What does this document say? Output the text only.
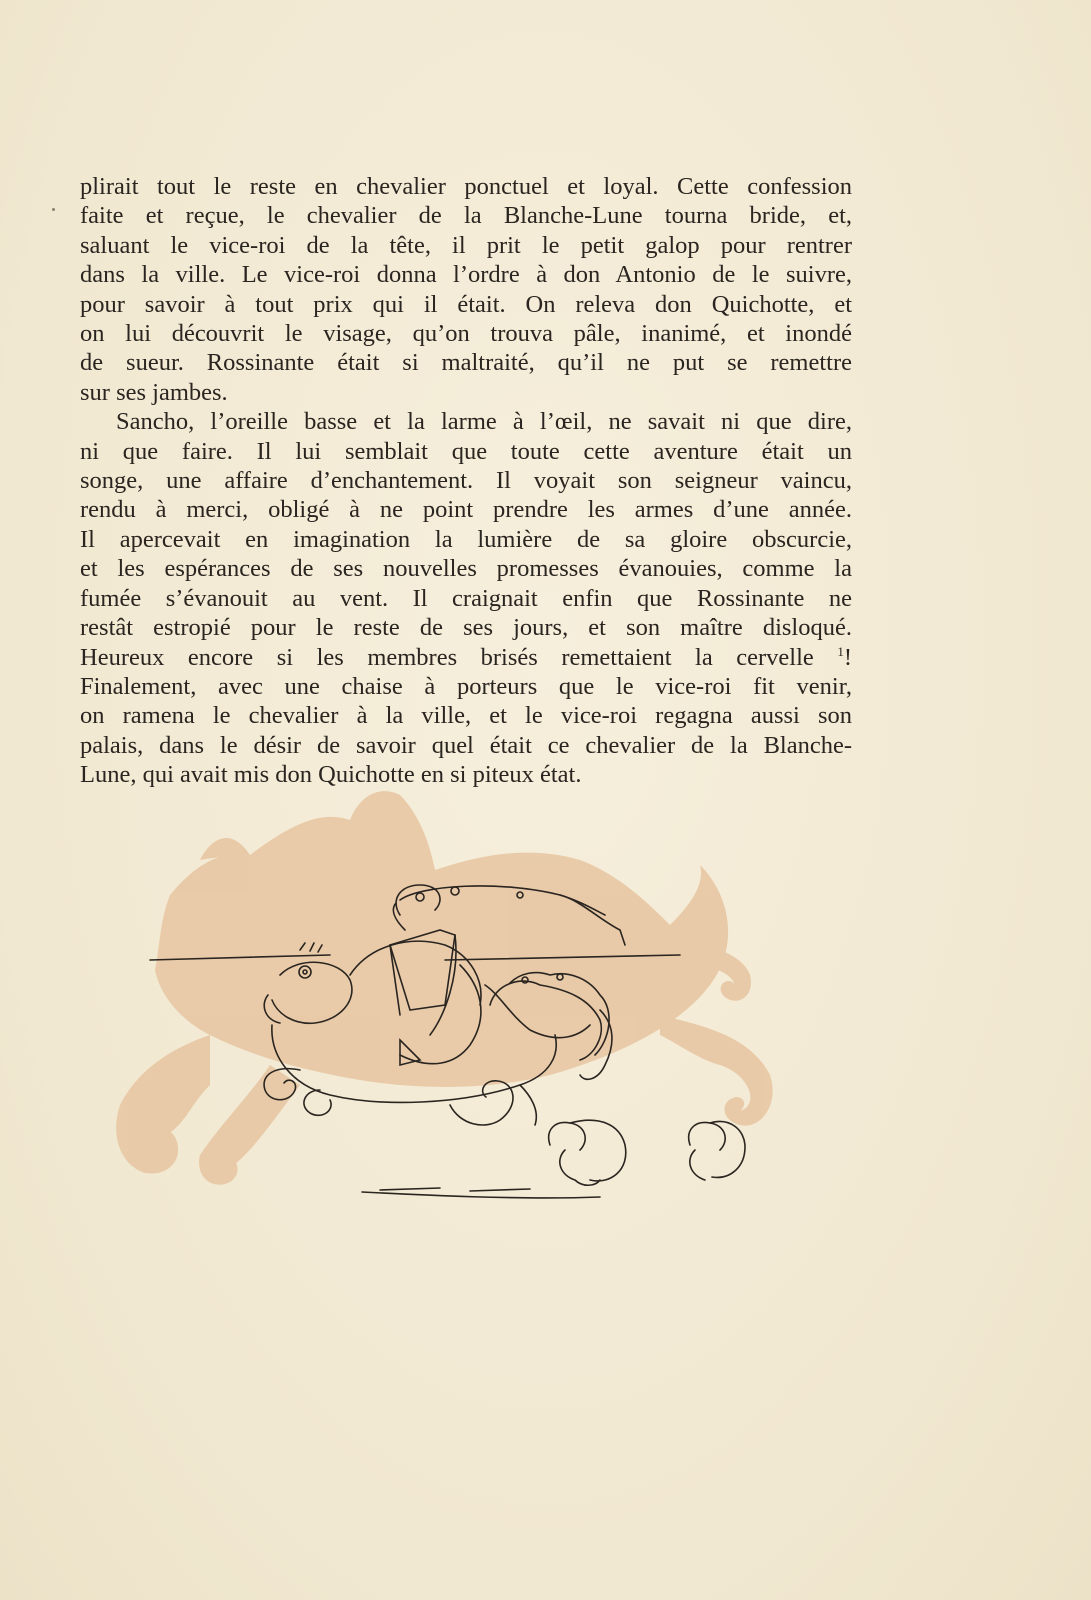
plirait tout le reste en chevalier ponctuel et loyal. Cette confession
faite et reçue, le chevalier de la Blanche-Lune tourna bride, et,
saluant le vice-roi de la tête, il prit le petit galop pour rentrer
dans la ville. Le vice-roi donna l’ordre à don Antonio de le suivre,
pour savoir à tout prix qui il était. On releva don Quichotte, et
on lui découvrit le visage, qu’on trouva pâle, inanimé, et inondé
de sueur. Rossinante était si maltraité, qu’il ne put se remettre
sur ses jambes.
Sancho, l’oreille basse et la larme à l’œil, ne savait ni que dire,
ni que faire. Il lui semblait que toute cette aventure était un
songe, une affaire d’enchantement. Il voyait son seigneur vaincu,
rendu à merci, obligé à ne point prendre les armes d’une année.
Il apercevait en imagination la lumière de sa gloire obscurcie,
et les espérances de ses nouvelles promesses évanouies, comme la
fumée s’évanouit au vent. Il craignait enfin que Rossinante ne
restât estropié pour le reste de ses jours, et son maître disloqué.
Heureux encore si les membres brisés remettaient la cervelle $^1$!
Finalement, avec une chaise à porteurs que le vice-roi fit venir,
on ramena le chevalier à la ville, et le vice-roi regagna aussi son
palais, dans le désir de savoir quel était ce chevalier de la Blanche-
Lune, qui avait mis don Quichotte en si piteux état.
